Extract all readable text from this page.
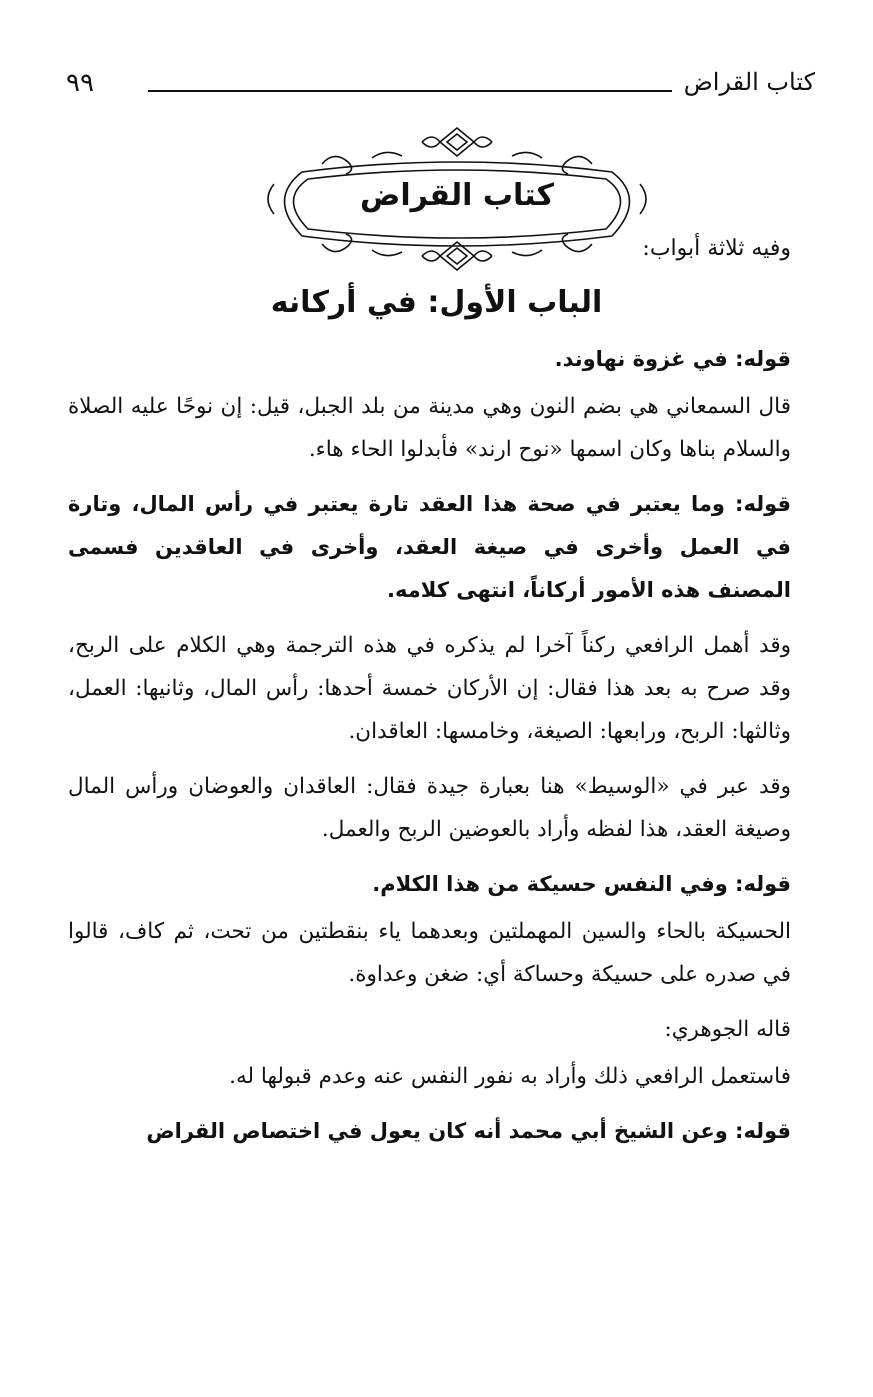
٩٩	كتاب القراض
كتاب القراض
وفيه ثلاثة أبواب:
الباب الأول: في أركانه

قوله: في غزوة نهاوند.

قال السمعاني هي بضم النون وهي مدينة من بلد الجبل، قيل: إن نوحًا عليه الصلاة والسلام بناها وكان اسمها «نوح ارند» فأبدلوا الحاء هاء.

قوله: وما يعتبر في صحة هذا العقد تارة يعتبر في رأس المال، وتارة في العمل وأخرى في صيغة العقد، وأخرى في العاقدين فسمى المصنف هذه الأمور أركاناً، انتهى كلامه.

وقد أهمل الرافعي ركناً آخرا لم يذكره في هذه الترجمة وهي الكلام على الربح، وقد صرح به بعد هذا فقال: إن الأركان خمسة أحدها: رأس المال، وثانيها: العمل، وثالثها: الربح، ورابعها: الصيغة، وخامسها: العاقدان.

وقد عبر في «الوسيط» هنا بعبارة جيدة فقال: العاقدان والعوضان ورأس المال وصيغة العقد، هذا لفظه وأراد بالعوضين الربح والعمل.

قوله: وفي النفس حسيكة من هذا الكلام.

الحسيكة بالحاء والسين المهملتين وبعدهما ياء بنقطتين من تحت، ثم كاف، قالوا في صدره على حسيكة وحساكة أي: ضغن وعداوة.

قاله الجوهري:

فاستعمل الرافعي ذلك وأراد به نفور النفس عنه وعدم قبولها له.

قوله: وعن الشيخ أبي محمد أنه كان يعول في اختصاص القراض
